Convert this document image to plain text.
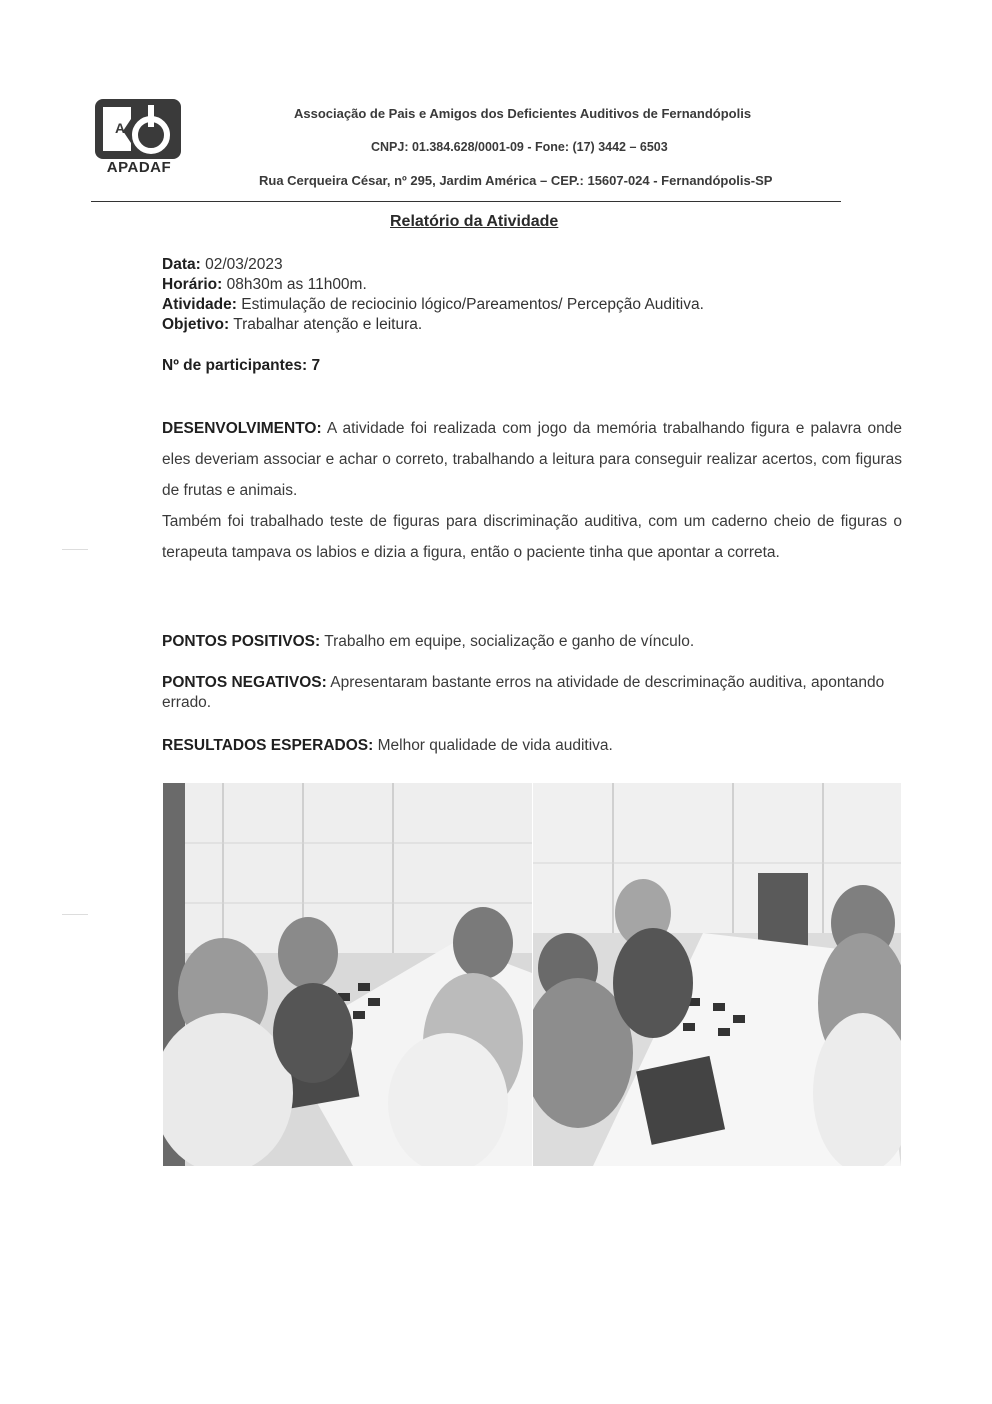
A
APADAF
Associação de Pais e Amigos dos Deficientes Auditivos de Fernandópolis
CNPJ: 01.384.628/0001-09 - Fone: (17) 3442 – 6503
Rua Cerqueira César, nº 295, Jardim América – CEP.: 15607-024 - Fernandópolis-SP
Relatório da Atividade
Data: 02/03/2023
Horário: 08h30m as 11h00m.
Atividade: Estimulação de reciocinio lógico/Pareamentos/ Percepção Auditiva.
Objetivo: Trabalhar atenção e leitura.
Nº de participantes: 7

DESENVOLVIMENTO: A atividade foi realizada com jogo da memória trabalhando figura e palavra onde eles deveriam associar e achar o correto, trabalhando a leitura para conseguir realizar acertos, com figuras de frutas e animais.

Também foi trabalhado teste de figuras para discriminação auditiva, com um caderno cheio de figuras o terapeuta tampava os labios e dizia a figura, então o paciente tinha que apontar a correta.

PONTOS POSITIVOS: Trabalho em equipe, socialização e ganho de vínculo.
PONTOS NEGATIVOS: Apresentaram bastante erros na atividade de descriminação auditiva, apontando errado.
RESULTADOS ESPERADOS: Melhor qualidade de vida auditiva.
